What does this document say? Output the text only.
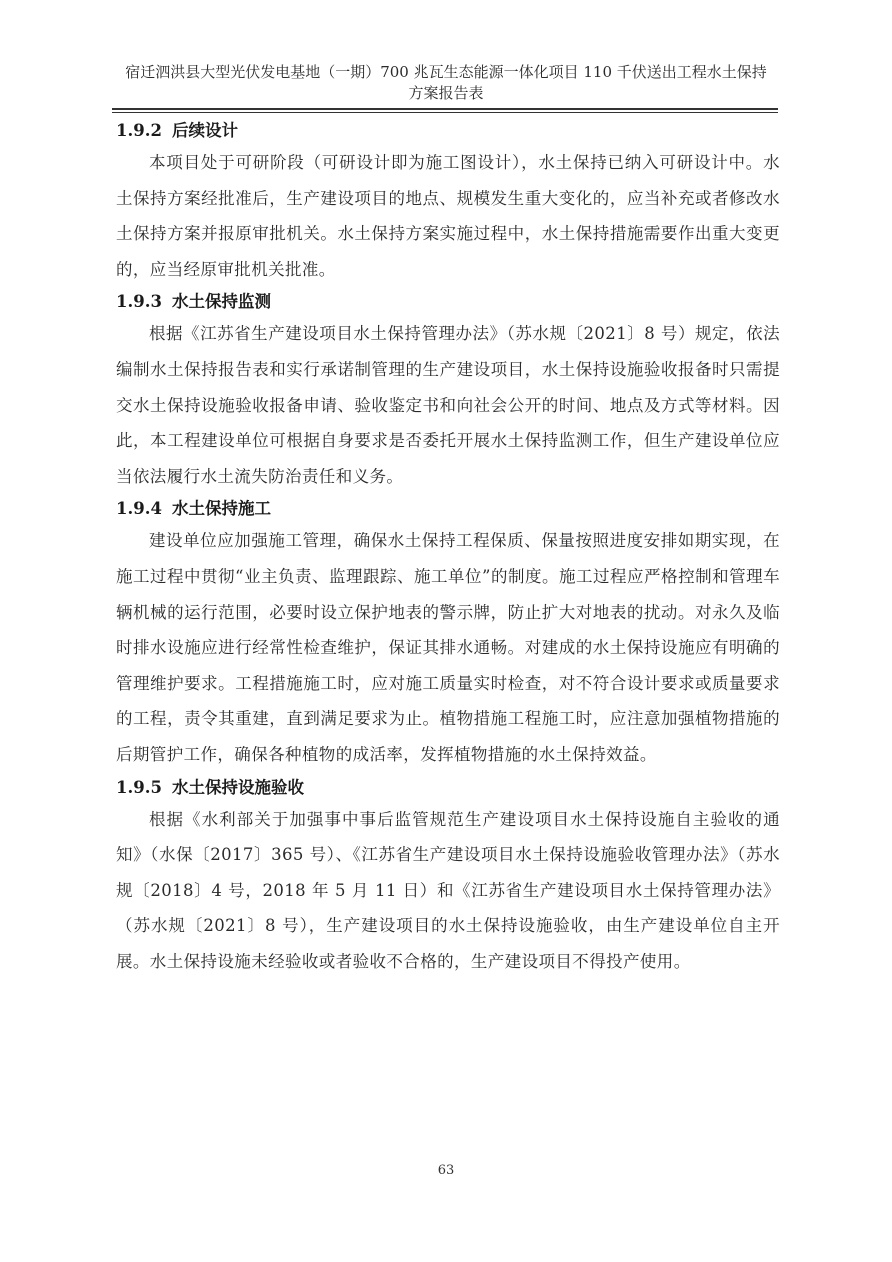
宿迁泗洪县大型光伏发电基地（一期）700 兆瓦生态能源一体化项目 110 千伏送出工程水土保持
方案报告表
1.9.2 后续设计

本项目处于可研阶段（可研设计即为施工图设计），水土保持已纳入可研设计中。水土保持方案经批准后，生产建设项目的地点、规模发生重大变化的，应当补充或者修改水土保持方案并报原审批机关。水土保持方案实施过程中，水土保持措施需要作出重大变更的，应当经原审批机关批准。

1.9.3 水土保持监测

根据《江苏省生产建设项目水土保持管理办法》（苏水规〔2021〕8 号）规定，依法编制水土保持报告表和实行承诺制管理的生产建设项目，水土保持设施验收报备时只需提交水土保持设施验收报备申请、验收鉴定书和向社会公开的时间、地点及方式等材料。因此，本工程建设单位可根据自身要求是否委托开展水土保持监测工作，但生产建设单位应当依法履行水土流失防治责任和义务。

1.9.4 水土保持施工

建设单位应加强施工管理，确保水土保持工程保质、保量按照进度安排如期实现，在施工过程中贯彻“业主负责、监理跟踪、施工单位”的制度。施工过程应严格控制和管理车辆机械的运行范围，必要时设立保护地表的警示牌，防止扩大对地表的扰动。对永久及临时排水设施应进行经常性检查维护，保证其排水通畅。对建成的水土保持设施应有明确的管理维护要求。工程措施施工时，应对施工质量实时检查，对不符合设计要求或质量要求的工程，责令其重建，直到满足要求为止。植物措施工程施工时，应注意加强植物措施的后期管护工作，确保各种植物的成活率，发挥植物措施的水土保持效益。

1.9.5 水土保持设施验收

根据《水利部关于加强事中事后监管规范生产建设项目水土保持设施自主验收的通知》（水保〔2017〕365 号）、《江苏省生产建设项目水土保持设施验收管理办法》（苏水规〔2018〕4 号，2018 年 5 月 11 日）和《江苏省生产建设项目水土保持管理办法》（苏水规〔2021〕8 号），生产建设项目的水土保持设施验收，由生产建设单位自主开展。水土保持设施未经验收或者验收不合格的，生产建设项目不得投产使用。

63
